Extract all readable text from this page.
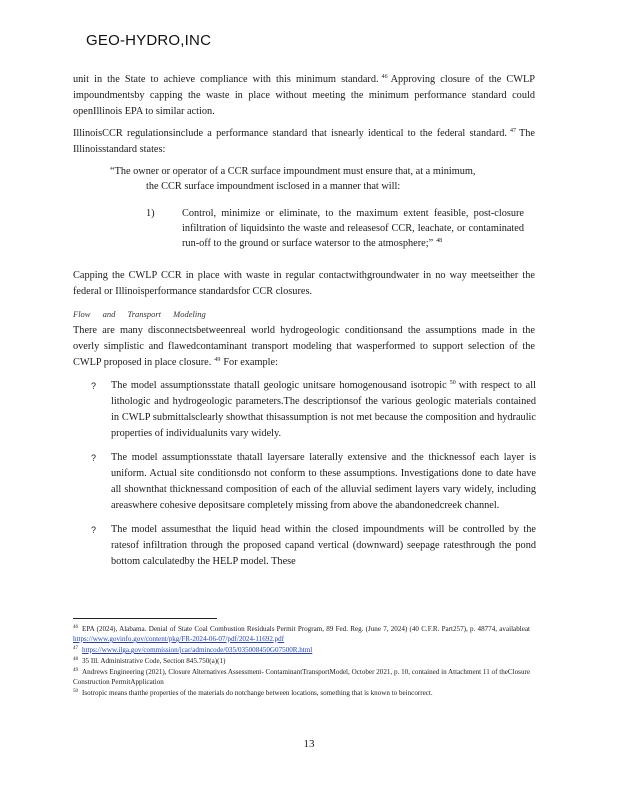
GEO-HYDRO,INC
unit in the State to achieve compliance with this minimum standard. $^{46}$ Approving closure of the CWLP impoundmentsby capping the waste in place without meeting the minimum performance standard could openIllinois EPA to similar action.
IllinoisCCR regulationsinclude a performance standard that isnearly identical to the federal standard. $^{47}$ The Illinoisstandard states:
“The owner or operator of a CCR surface impoundment must ensure that, at a minimum,
the CCR surface impoundment isclosed in a manner that will:
1)	Control, minimize or eliminate, to the maximum extent feasible, post-closure infiltration of liquidsinto the waste and releasesof CCR, leachate, or contaminated run-off to the ground or surface watersor to the atmosphere;” $^{48}$
Capping the CWLP CCR in place with waste in regular contactwithgroundwater in no way meetseither the federal or Illinoisperformance standardsfor CCR closures.
Flow and Transport Modeling
There are many disconnectsbetweenreal world hydrogeologic conditionsand the assumptions made in the overly simplistic and flawedcontaminant transport modeling that wasperformed to support selection of the CWLP proposed in place closure. $^{49}$ For example:
? The model assumptionsstate thatall geologic unitsare homogenousand isotropic $^{50}$ with respect to all lithologic and hydrogeologic parameters.The descriptionsof the various geologic materials contained in CWLP submittalsclearly showthat thisassumption is not met because the composition and hydraulic properties of individualunits vary widely.
? The model assumptionsstate thatall layersare laterally extensive and the thicknessof each layer is uniform. Actual site conditionsdo not conform to these assumptions. Investigations done to date have all shownthat thicknessand composition of each of the alluvial sediment layers vary widely, including areaswhere cohesive depositsare completely missing from above the abandonedcreek channel.
? The model assumesthat the liquid head within the closed impoundments will be controlled by the ratesof infiltration through the proposed capand vertical (downward) seepage ratesthrough the pond bottom calculatedby the HELP model. These
$^{46}$ EPA (2024), Alabama. Denial of State Coal Combustion Residuals Permit Program, 89 Fed. Reg. (June 7, 2024) (40 C.F.R. Part257), p. 48774, availableat https://www.govinfo.gov/content/pkg/FR-2024-06-07/pdf/2024-11692.pdf
$^{47}$ https://www.ilga.gov/commission/jcar/admincode/035/035008450G07500R.html
$^{48}$ 35 Ill. Administrative Code, Section 845.750(a)(1)
$^{49}$ Andrews Engineering (2021), Closure Alternatives Assessment- ContaminantTransportModel, October 2021, p. 10, contained in Attachment 11 of theClosure Construction PermitApplication
$^{50}$ Isotropic means thatthe properties of the materials do notchange between locations, something that is known to beincorrect.
13
